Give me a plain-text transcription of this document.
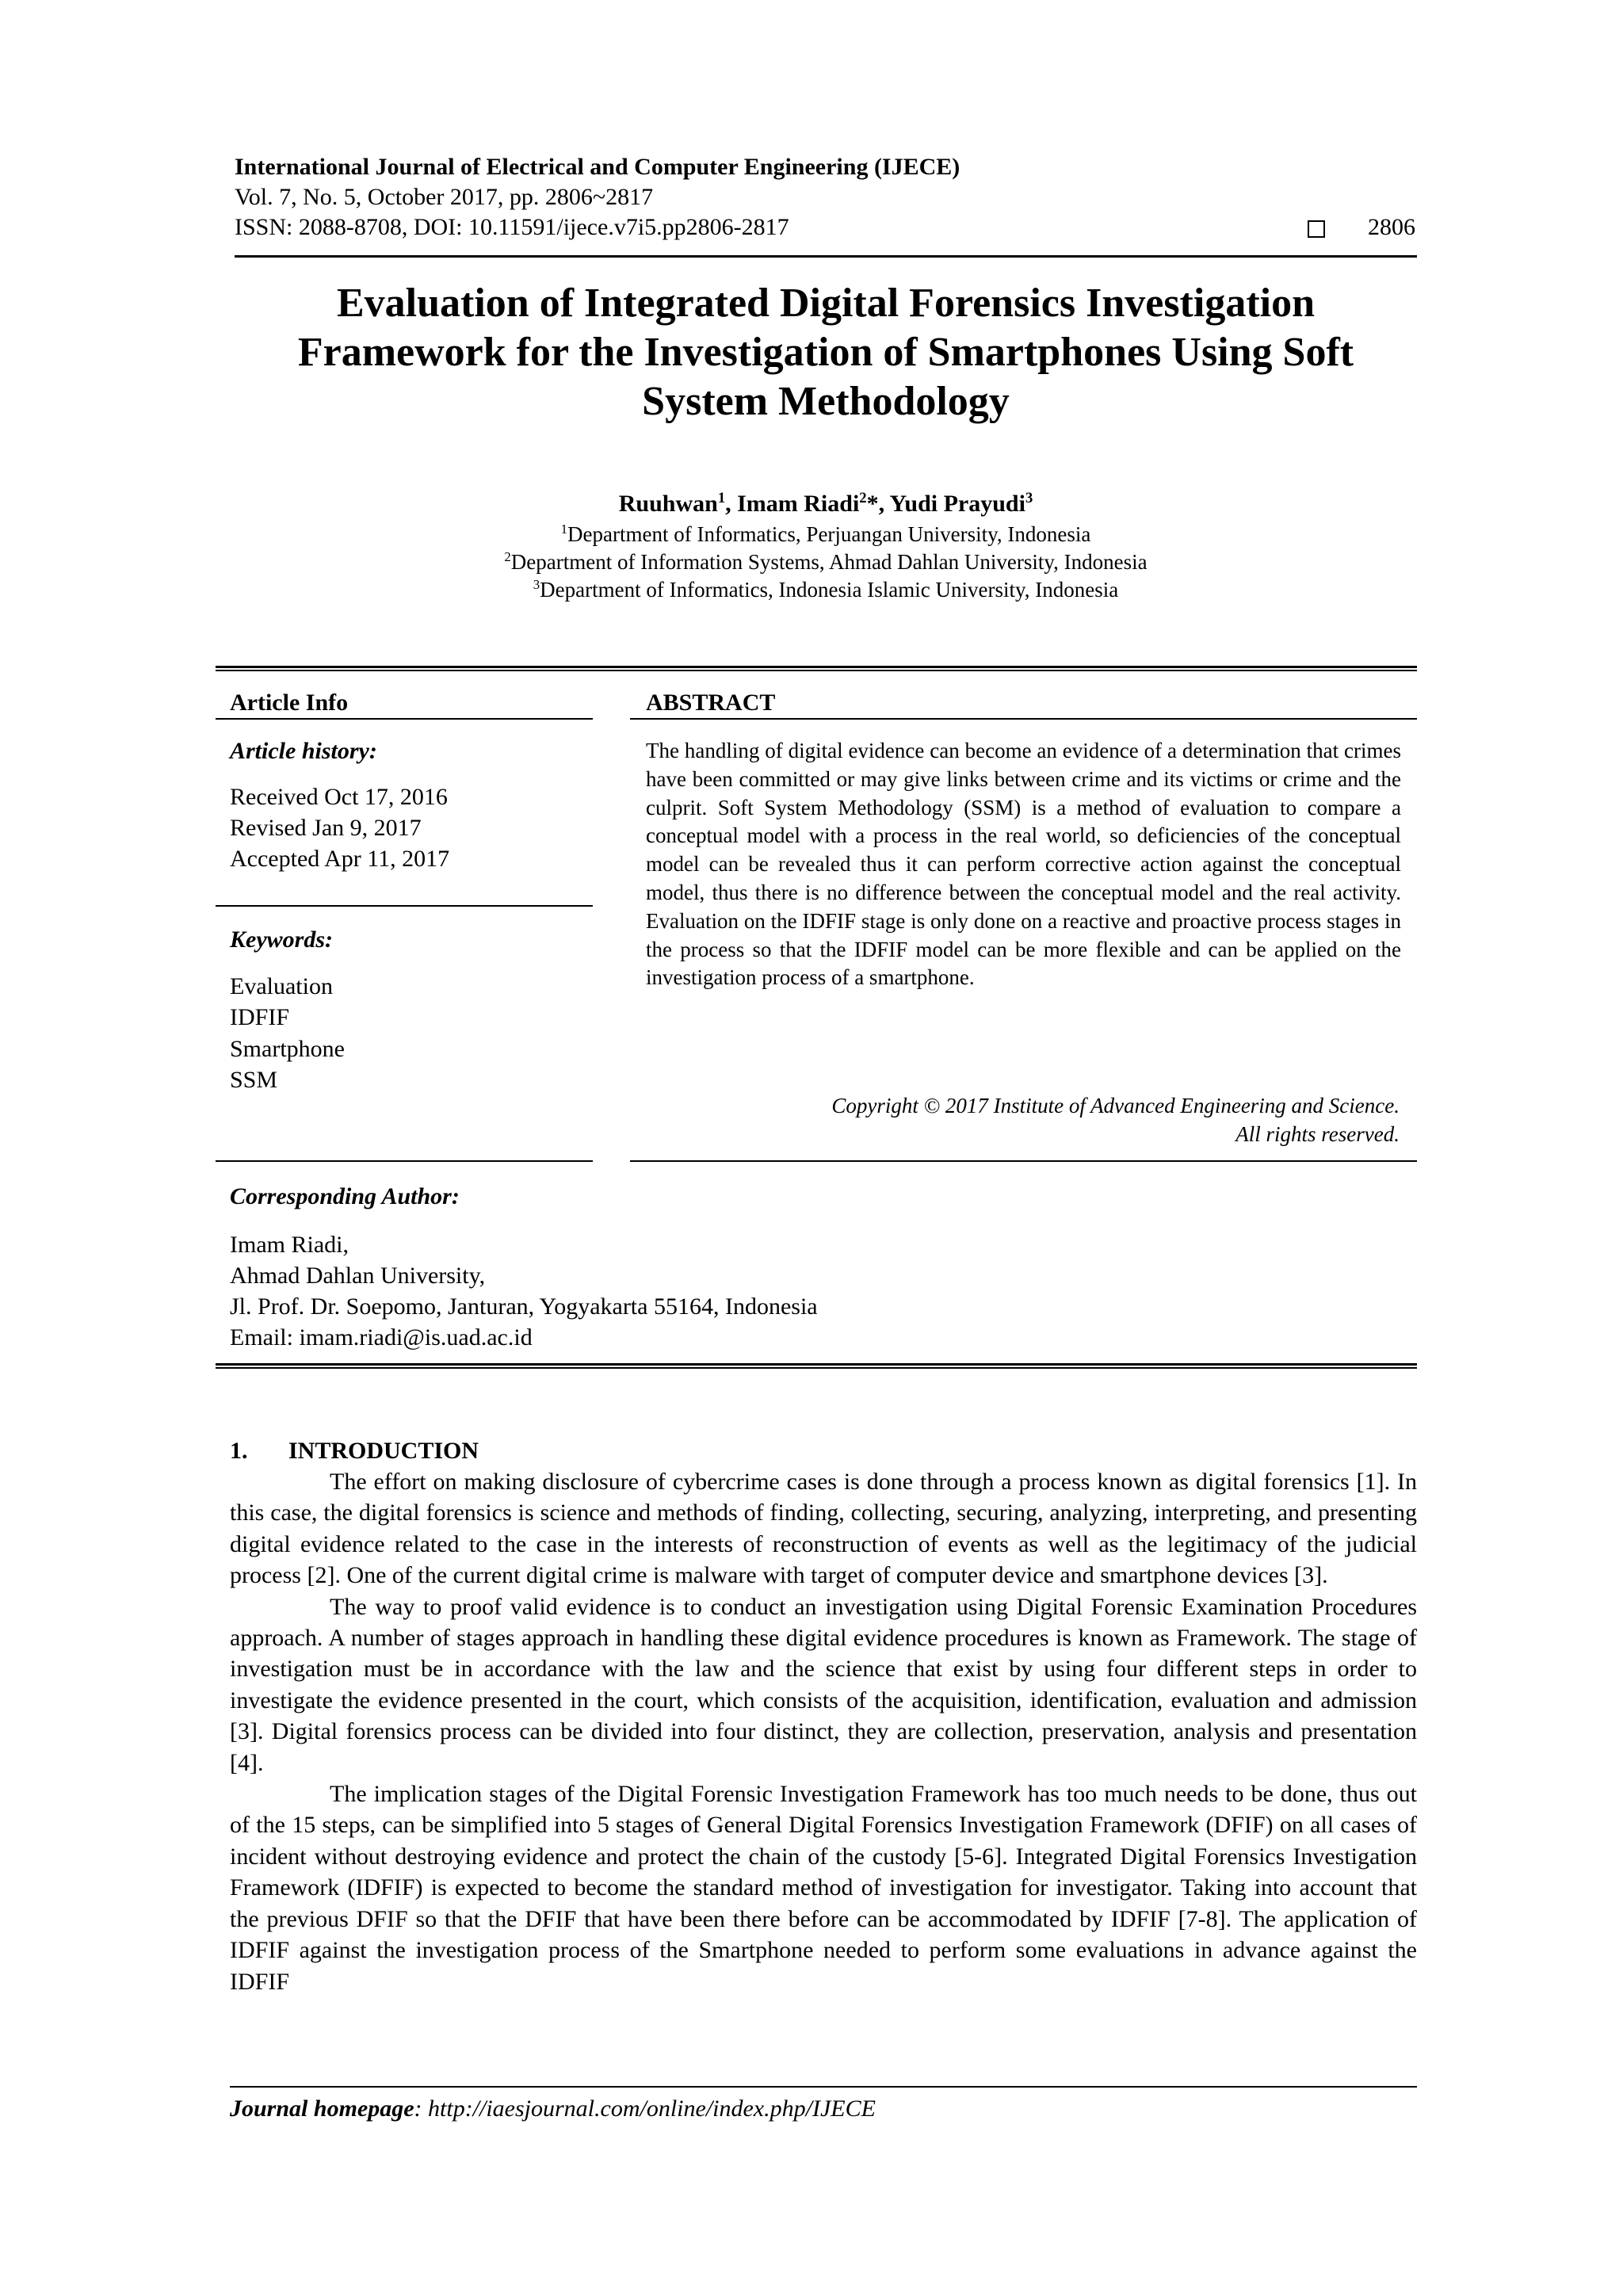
International Journal of Electrical and Computer Engineering (IJECE)
Vol. 7, No. 5, October 2017, pp. 2806~2817
ISSN: 2088-8708, DOI: 10.11591/ijece.v7i5.pp2806-2817	2806
Evaluation of Integrated Digital Forensics Investigation
Framework for the Investigation of Smartphones Using Soft
System Methodology
Ruuhwan$^1$, Imam Riadi$^2$*, Yudi Prayudi$^3$
$^1$Department of Informatics, Perjuangan University, Indonesia
$^2$Department of Information Systems, Ahmad Dahlan University, Indonesia
$^3$Department of Informatics, Indonesia Islamic University, Indonesia
Article Info
Article history:
Received Oct 17, 2016
Revised Jan 9, 2017
Accepted Apr 11, 2017
Keywords:
Evaluation
IDFIF
Smartphone
SSM
ABSTRACT
The handling of digital evidence can become an evidence of a determination that crimes have been committed or may give links between crime and its victims or crime and the culprit. Soft System Methodology (SSM) is a method of evaluation to compare a conceptual model with a process in the real world, so deficiencies of the conceptual model can be revealed thus it can perform corrective action against the conceptual model, thus there is no difference between the conceptual model and the real activity. Evaluation on the IDFIF stage is only done on a reactive and proactive process stages in the process so that the IDFIF model can be more flexible and can be applied on the investigation process of a smartphone.
Copyright © 2017 Institute of Advanced Engineering and Science.
All rights reserved.
Corresponding Author:
Imam Riadi,
Ahmad Dahlan University,
Jl. Prof. Dr. Soepomo, Janturan, Yogyakarta 55164, Indonesia
Email: imam.riadi@is.uad.ac.id
1. INTRODUCTION

The effort on making disclosure of cybercrime cases is done through a process known as digital forensics [1]. In this case, the digital forensics is science and methods of finding, collecting, securing, analyzing, interpreting, and presenting digital evidence related to the case in the interests of reconstruction of events as well as the legitimacy of the judicial process [2]. One of the current digital crime is malware with target of computer device and smartphone devices [3].

The way to proof valid evidence is to conduct an investigation using Digital Forensic Examination Procedures approach. A number of stages approach in handling these digital evidence procedures is known as Framework. The stage of investigation must be in accordance with the law and the science that exist by using four different steps in order to investigate the evidence presented in the court, which consists of the acquisition, identification, evaluation and admission [3]. Digital forensics process can be divided into four distinct, they are collection, preservation, analysis and presentation [4].

The implication stages of the Digital Forensic Investigation Framework has too much needs to be done, thus out of the 15 steps, can be simplified into 5 stages of General Digital Forensics Investigation Framework (DFIF) on all cases of incident without destroying evidence and protect the chain of the custody [5-6]. Integrated Digital Forensics Investigation Framework (IDFIF) is expected to become the standard method of investigation for investigator. Taking into account that the previous DFIF so that the DFIF that have been there before can be accommodated by IDFIF [7-8]. The application of IDFIF against the investigation process of the Smartphone needed to perform some evaluations in advance against the IDFIF

Journal homepage: http://iaesjournal.com/online/index.php/IJECE
